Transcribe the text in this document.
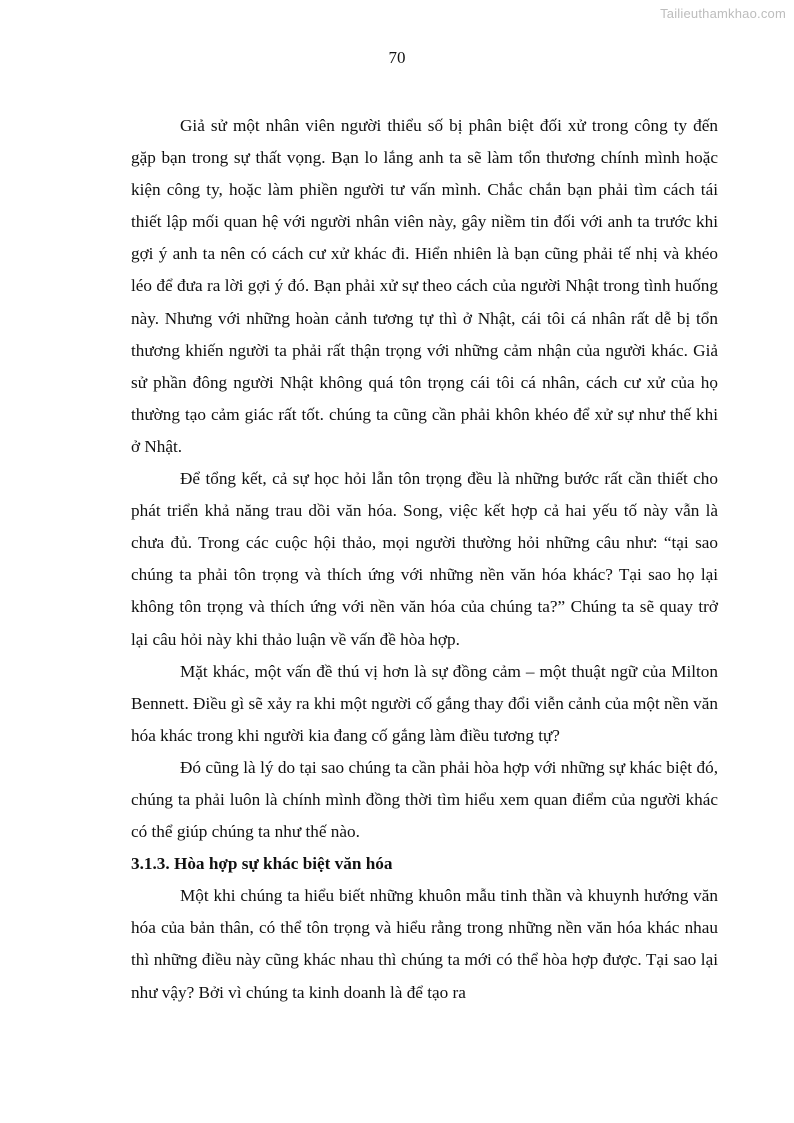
Tailieuthamkhao.com
70

Giả sử một nhân viên người thiểu số bị phân biệt đối xử trong công ty đến gặp bạn trong sự thất vọng. Bạn lo lắng anh ta sẽ làm tổn thương chính mình hoặc kiện công ty, hoặc làm phiền người tư vấn mình. Chắc chắn bạn phải tìm cách tái thiết lập mối quan hệ với người nhân viên này, gây niềm tin đối với anh ta trước khi gợi ý anh ta nên có cách cư xử khác đi. Hiển nhiên là bạn cũng phải tế nhị và khéo léo để đưa ra lời gợi ý đó. Bạn phải xử sự theo cách của người Nhật trong tình huống này. Nhưng với những hoàn cảnh tương tự thì ở Nhật, cái tôi cá nhân rất dễ bị tổn thương khiến người ta phải rất thận trọng với những cảm nhận của người khác. Giả sử phần đông người Nhật không quá tôn trọng cái tôi cá nhân, cách cư xử của họ thường tạo cảm giác rất tốt. chúng ta cũng cần phải khôn khéo để xử sự như thế khi ở Nhật.

Để tổng kết, cả sự học hỏi lẫn tôn trọng đều là những bước rất cần thiết cho phát triển khả năng trau dồi văn hóa. Song, việc kết hợp cả hai yếu tố này vẫn là chưa đủ. Trong các cuộc hội thảo, mọi người thường hỏi những câu như: “tại sao chúng ta phải tôn trọng và thích ứng với những nền văn hóa khác? Tại sao họ lại không tôn trọng và thích ứng với nền văn hóa của chúng ta?” Chúng ta sẽ quay trở lại câu hỏi này khi thảo luận về vấn đề hòa hợp.

Mặt khác, một vấn đề thú vị hơn là sự đồng cảm – một thuật ngữ của Milton Bennett. Điều gì sẽ xảy ra khi một người cố gắng thay đổi viễn cảnh của một nền văn hóa khác trong khi người kia đang cố gắng làm điều tương tự?

Đó cũng là lý do tại sao chúng ta cần phải hòa hợp với những sự khác biệt đó, chúng ta phải luôn là chính mình đồng thời tìm hiểu xem quan điểm của người khác có thể giúp chúng ta như thế nào.

3.1.3. Hòa hợp sự khác biệt văn hóa

Một khi chúng ta hiểu biết những khuôn mẫu tinh thần và khuynh hướng văn hóa của bản thân, có thể tôn trọng và hiểu rằng trong những nền văn hóa khác nhau thì những điều này cũng khác nhau thì chúng ta mới có thể hòa hợp được. Tại sao lại như vậy? Bởi vì chúng ta kinh doanh là để tạo ra
